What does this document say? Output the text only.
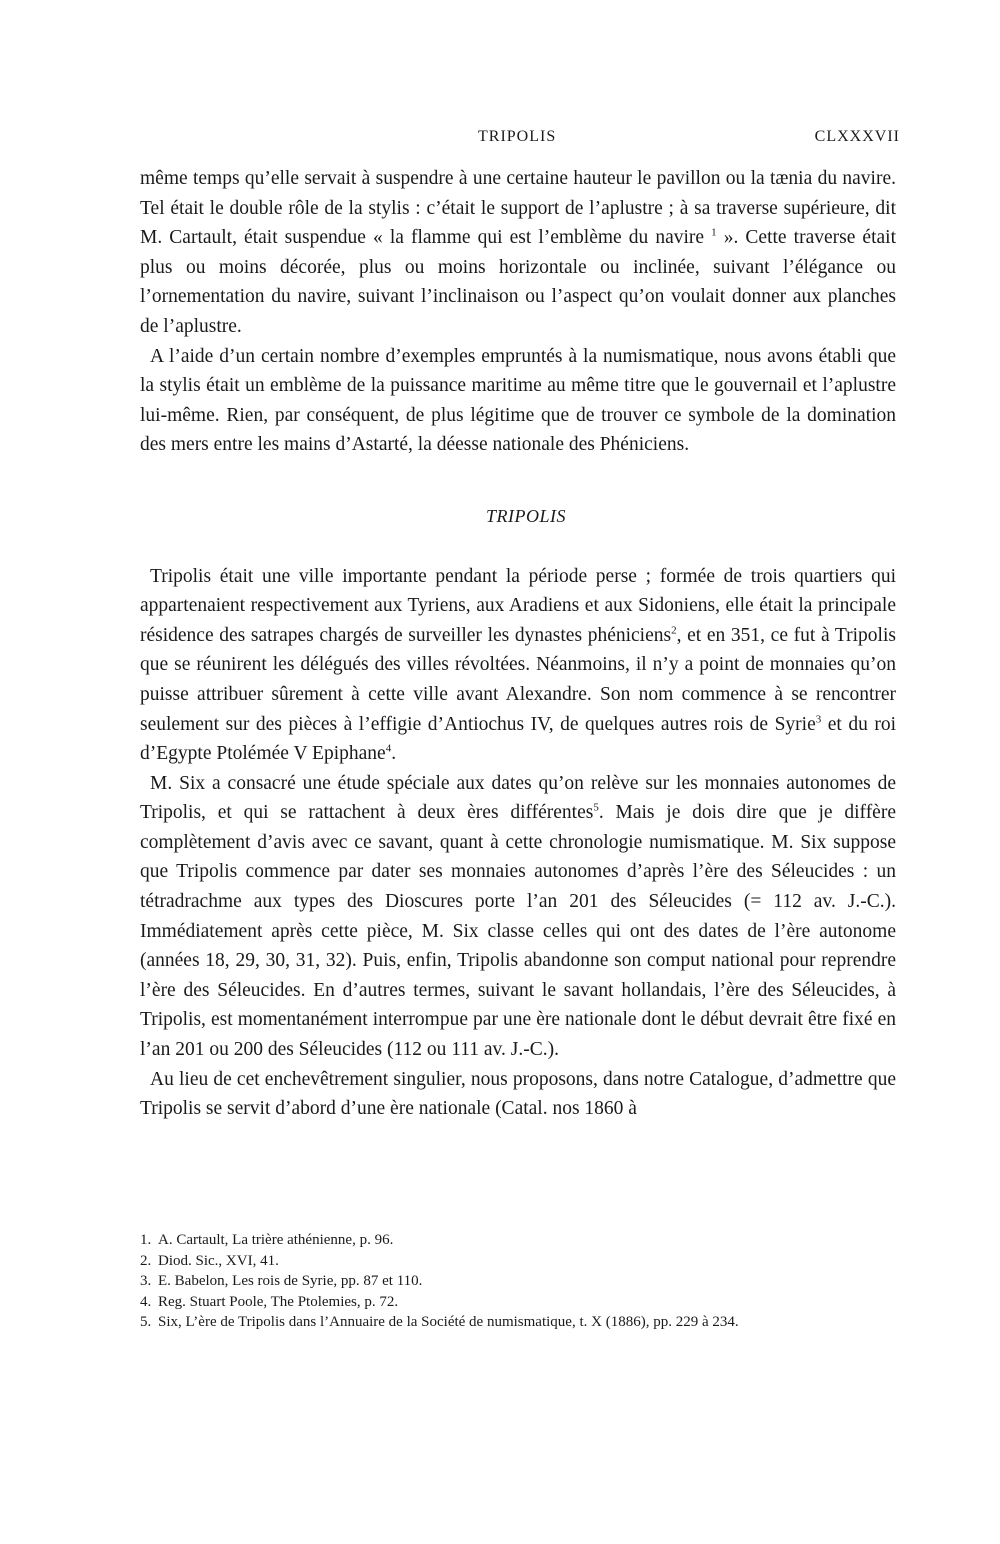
TRIPOLIS	CLXXXVII

même temps qu’elle servait à suspendre à une certaine hauteur le pavillon ou la tænia du navire. Tel était le double rôle de la stylis : c’était le support de l’aplustre ; à sa traverse supérieure, dit M. Cartault, était suspendue « la flamme qui est l’emblème du navire $^1$ ». Cette traverse était plus ou moins décorée, plus ou moins horizontale ou inclinée, suivant l’élégance ou l’ornementation du navire, suivant l’inclinaison ou l’aspect qu’on voulait donner aux planches de l’aplustre.

A l’aide d’un certain nombre d’exemples empruntés à la numismatique, nous avons établi que la stylis était un emblème de la puissance maritime au même titre que le gouvernail et l’aplustre lui-même. Rien, par conséquent, de plus légitime que de trouver ce symbole de la domination des mers entre les mains d’Astarté, la déesse nationale des Phéniciens.

TRIPOLIS

Tripolis était une ville importante pendant la période perse ; formée de trois quartiers qui appartenaient respectivement aux Tyriens, aux Aradiens et aux Sidoniens, elle était la principale résidence des satrapes chargés de surveiller les dynastes phéniciens$^2$, et en 351, ce fut à Tripolis que se réunirent les délégués des villes révoltées. Néanmoins, il n’y a point de monnaies qu’on puisse attribuer sûrement à cette ville avant Alexandre. Son nom commence à se rencontrer seulement sur des pièces à l’effigie d’Antiochus IV, de quelques autres rois de Syrie$^3$ et du roi d’Egypte Ptolémée V Epiphane$^4$.

M. Six a consacré une étude spéciale aux dates qu’on relève sur les monnaies autonomes de Tripolis, et qui se rattachent à deux ères différentes$^5$. Mais je dois dire que je diffère complètement d’avis avec ce savant, quant à cette chronologie numismatique. M. Six suppose que Tripolis commence par dater ses monnaies autonomes d’après l’ère des Séleucides : un tétradrachme aux types des Dioscures porte l’an 201 des Séleucides (= 112 av. J.-C.). Immédiatement après cette pièce, M. Six classe celles qui ont des dates de l’ère autonome (années 18, 29, 30, 31, 32). Puis, enfin, Tripolis abandonne son comput national pour reprendre l’ère des Séleucides. En d’autres termes, suivant le savant hollandais, l’ère des Séleucides, à Tripolis, est momentanément interrompue par une ère nationale dont le début devrait être fixé en l’an 201 ou 200 des Séleucides (112 ou 111 av. J.-C.).

Au lieu de cet enchevêtrement singulier, nous proposons, dans notre Catalogue, d’admettre que Tripolis se servit d’abord d’une ère nationale (Catal. nos 1860 à

1. A. Cartault, La trière athénienne, p. 96.

2. Diod. Sic., XVI, 41.

3. E. Babelon, Les rois de Syrie, pp. 87 et 110.

4. Reg. Stuart Poole, The Ptolemies, p. 72.

5. Six, L’ère de Tripolis dans l’Annuaire de la Société de numismatique, t. X (1886), pp. 229 à 234.
